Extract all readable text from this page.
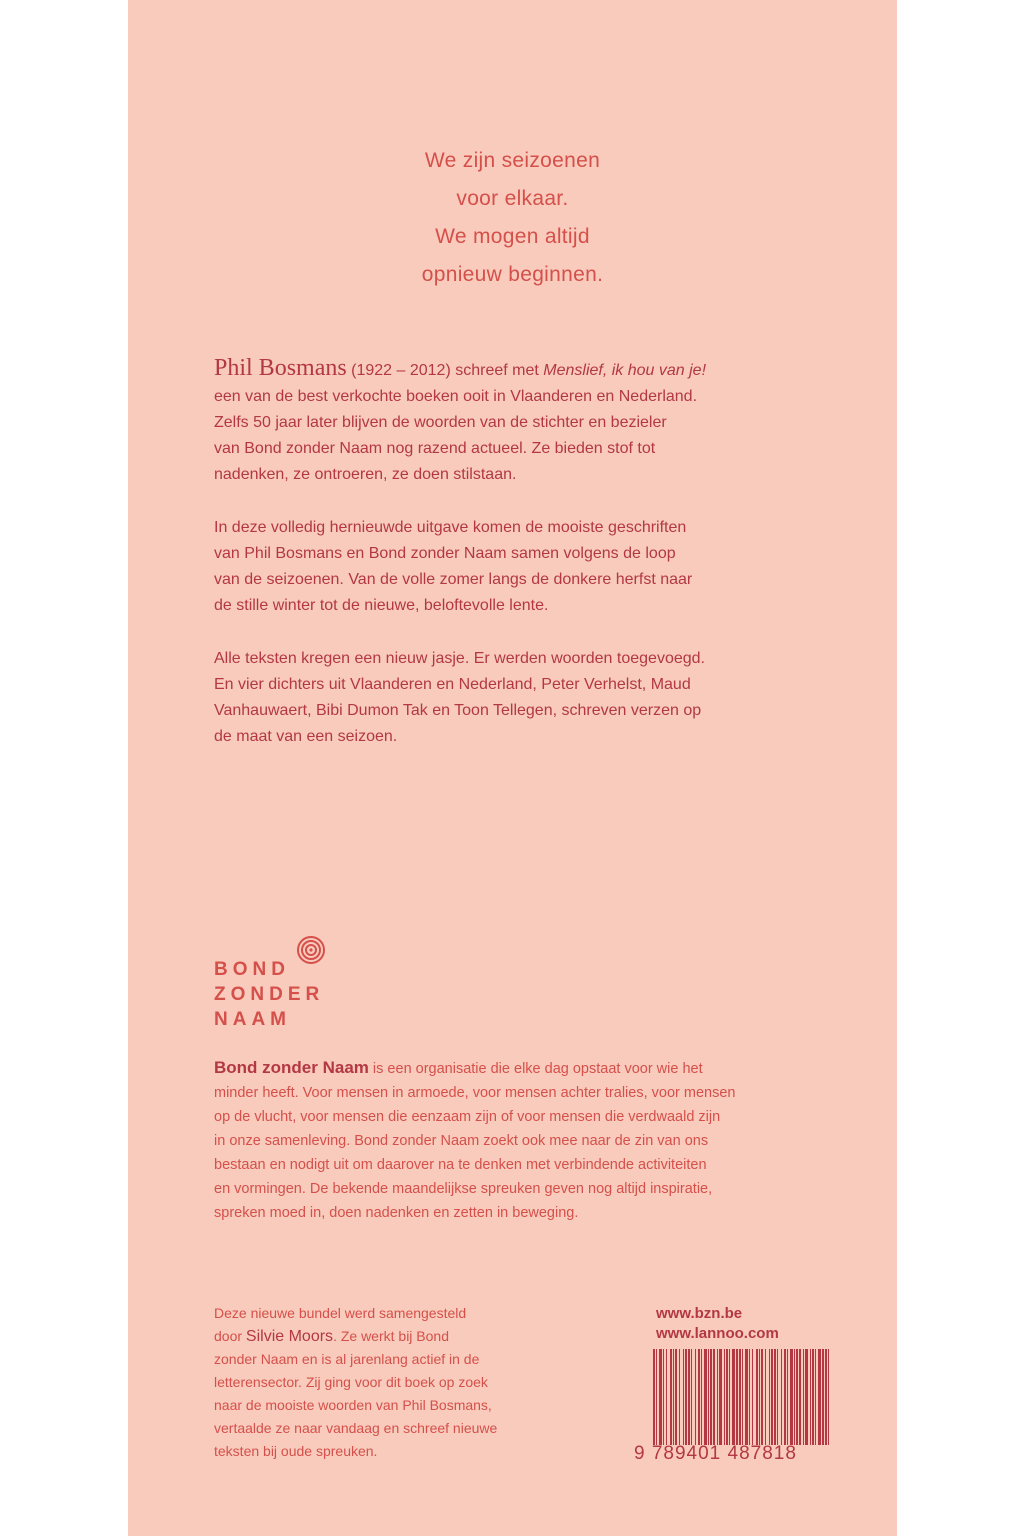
We zijn seizoenen
voor elkaar.
We mogen altijd
opnieuw beginnen.
Phil Bosmans (1922 – 2012) schreef met Menslief, ik hou van je!
een van de best verkochte boeken ooit in Vlaanderen en Nederland.
Zelfs 50 jaar later blijven de woorden van de stichter en bezieler
van Bond zonder Naam nog razend actueel. Ze bieden stof tot
nadenken, ze ontroeren, ze doen stilstaan.
In deze volledig hernieuwde uitgave komen de mooiste geschriften
van Phil Bosmans en Bond zonder Naam samen volgens de loop
van de seizoenen. Van de volle zomer langs de donkere herfst naar
de stille winter tot de nieuwe, beloftevolle lente.
Alle teksten kregen een nieuw jasje. Er werden woorden toegevoegd.
En vier dichters uit Vlaanderen en Nederland, Peter Verhelst, Maud
Vanhauwaert, Bibi Dumon Tak en Toon Tellegen, schreven verzen op
de maat van een seizoen.
BOND
ZONDER
NAAM
Bond zonder Naam is een organisatie die elke dag opstaat voor wie het
minder heeft. Voor mensen in armoede, voor mensen achter tralies, voor mensen
op de vlucht, voor mensen die eenzaam zijn of voor mensen die verdwaald zijn
in onze samenleving. Bond zonder Naam zoekt ook mee naar de zin van ons
bestaan en nodigt uit om daarover na te denken met verbindende activiteiten
en vormingen. De bekende maandelijkse spreuken geven nog altijd inspiratie,
spreken moed in, doen nadenken en zetten in beweging.
Deze nieuwe bundel werd samengesteld
door Silvie Moors. Ze werkt bij Bond
zonder Naam en is al jarenlang actief in de
letterensector. Zij ging voor dit boek op zoek
naar de mooiste woorden van Phil Bosmans,
vertaalde ze naar vandaag en schreef nieuwe
teksten bij oude spreuken.
www.bzn.be
www.lannoo.com
9 789401 487818
